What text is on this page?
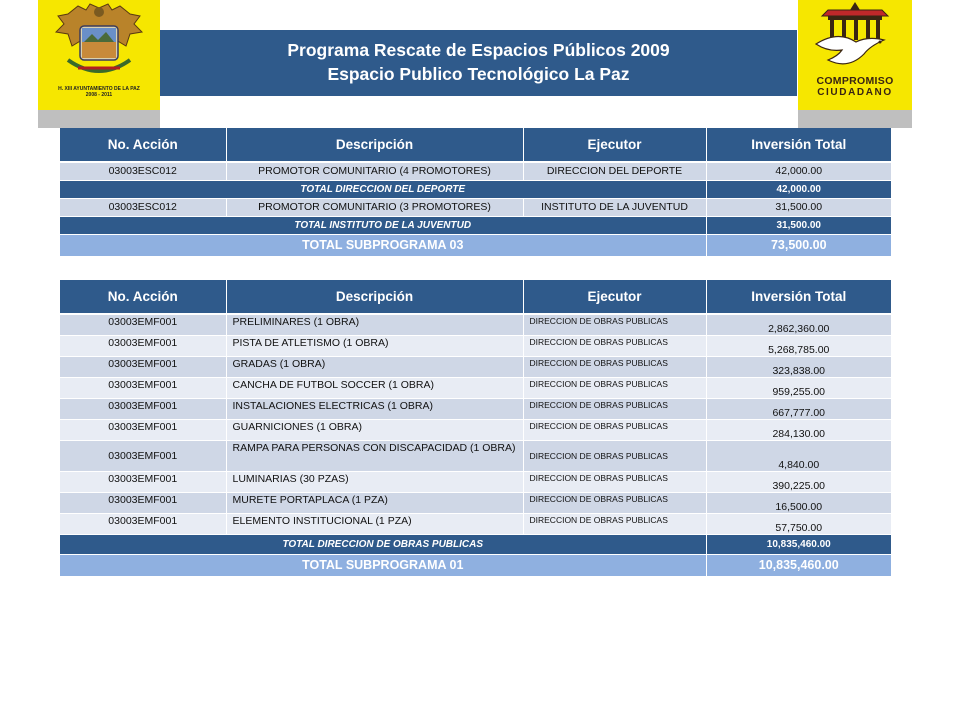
H. XIII AYUNTAMIENTO DE LA PAZ
2008 - 2011
Programa Rescate de Espacios Públicos 2009
Espacio Publico Tecnológico La Paz	COMPROMISO
CIUDADANO
No. Acción	Descripción	Ejecutor	Inversión Total
03003ESC012	PROMOTOR COMUNITARIO (4 PROMOTORES)	DIRECCION DEL DEPORTE	42,000.00
TOTAL DIRECCION DEL DEPORTE			42,000.00
03003ESC012	PROMOTOR COMUNITARIO (3 PROMOTORES)	INSTITUTO DE LA JUVENTUD	31,500.00
TOTAL INSTITUTO DE LA JUVENTUD			31,500.00
TOTAL SUBPROGRAMA 03			73,500.00
No. Acción	Descripción	Ejecutor	Inversión Total
03003EMF001	PRELIMINARES (1 OBRA)	DIRECCION DE OBRAS PUBLICAS	2,862,360.00
03003EMF001	PISTA DE ATLETISMO (1 OBRA)	DIRECCION DE OBRAS PUBLICAS	5,268,785.00
03003EMF001	GRADAS (1 OBRA)	DIRECCION DE OBRAS PUBLICAS	323,838.00
03003EMF001	CANCHA DE FUTBOL SOCCER (1 OBRA)	DIRECCION DE OBRAS PUBLICAS	959,255.00
03003EMF001	INSTALACIONES ELECTRICAS (1 OBRA)	DIRECCION DE OBRAS PUBLICAS	667,777.00
03003EMF001	GUARNICIONES (1 OBRA)	DIRECCION DE OBRAS PUBLICAS	284,130.00
03003EMF001	RAMPA PARA PERSONAS CON DISCAPACIDAD (1 OBRA)	DIRECCION DE OBRAS PUBLICAS	4,840.00
03003EMF001	LUMINARIAS (30 PZAS)	DIRECCION DE OBRAS PUBLICAS	390,225.00
03003EMF001	MURETE PORTAPLACA (1 PZA)	DIRECCION DE OBRAS PUBLICAS	16,500.00
03003EMF001	ELEMENTO INSTITUCIONAL (1 PZA)	DIRECCION DE OBRAS PUBLICAS	57,750.00
TOTAL DIRECCION DE OBRAS PUBLICAS			10,835,460.00
TOTAL SUBPROGRAMA 01			10,835,460.00
